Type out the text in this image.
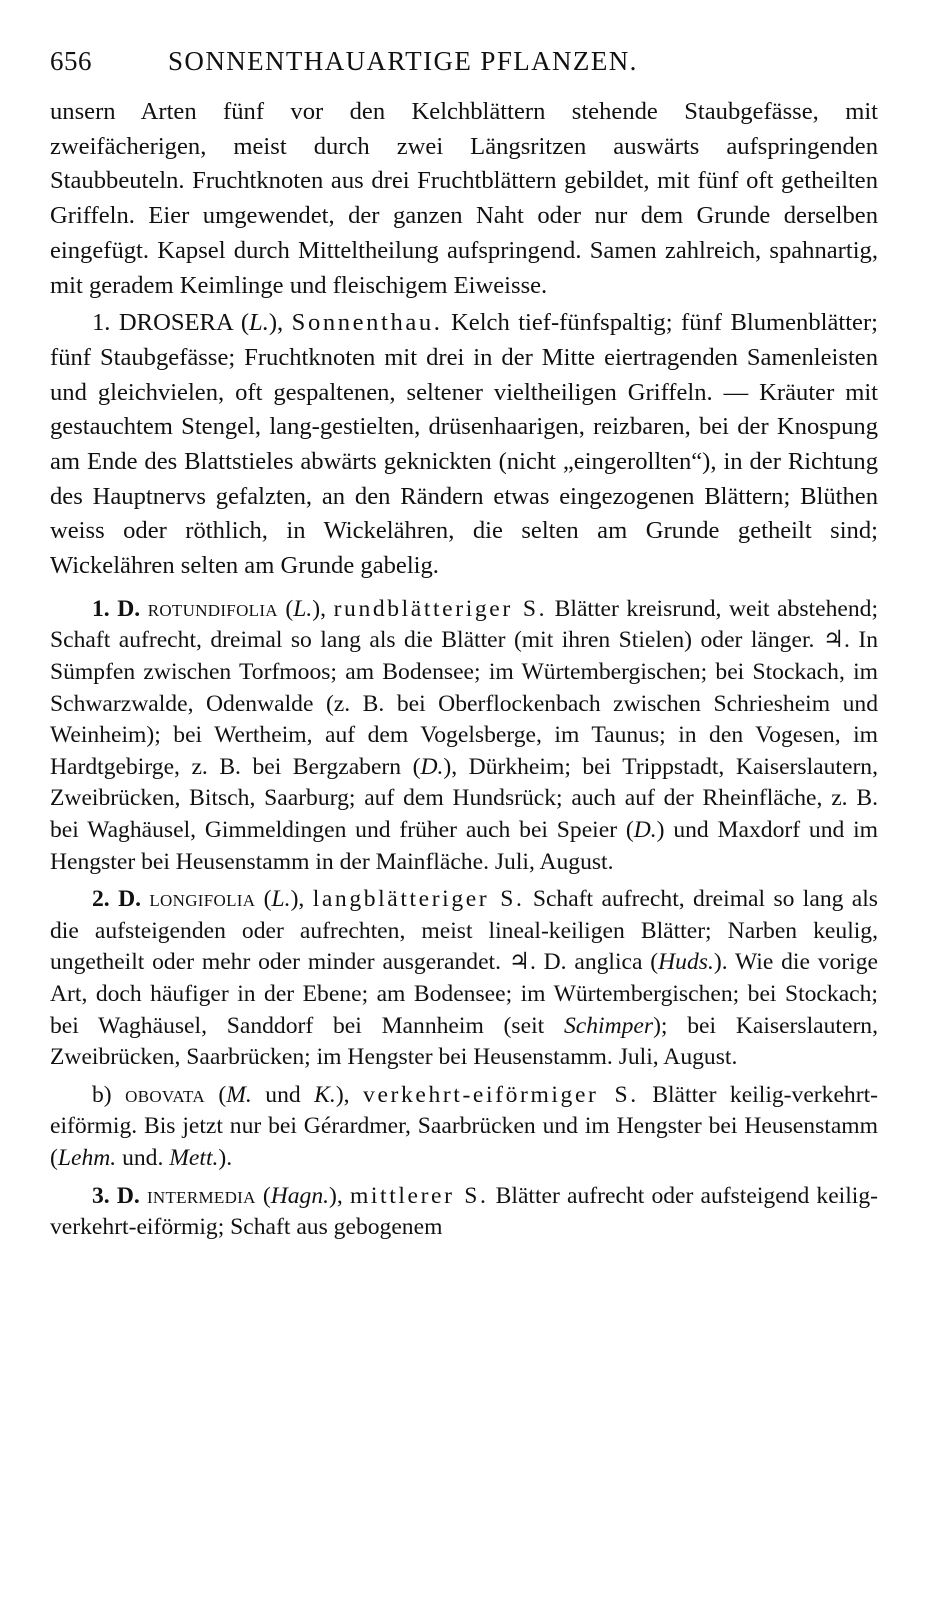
656	SONNENTHAUARTIGE PFLANZEN.

unsern Arten fünf vor den Kelchblättern stehende Staubgefässe, mit zweifächerigen, meist durch zwei Längsritzen auswärts aufspringenden Staubbeuteln. Fruchtknoten aus drei Fruchtblättern gebildet, mit fünf oft getheilten Griffeln. Eier umgewendet, der ganzen Naht oder nur dem Grunde derselben eingefügt. Kapsel durch Mitteltheilung aufspringend. Samen zahlreich, spahnartig, mit geradem Keimlinge und fleischigem Eiweisse.

1. DROSERA (L.), Sonnenthau. Kelch tief-fünfspaltig; fünf Blumenblätter; fünf Staubgefässe; Fruchtknoten mit drei in der Mitte eiertragenden Samenleisten und gleichvielen, oft gespaltenen, seltener vieltheiligen Griffeln. — Kräuter mit gestauchtem Stengel, lang-gestielten, drüsenhaarigen, reizbaren, bei der Knospung am Ende des Blattstieles abwärts geknickten (nicht „eingerollten“), in der Richtung des Hauptnervs gefalzten, an den Rändern etwas eingezogenen Blättern; Blüthen weiss oder röthlich, in Wickelähren, die selten am Grunde getheilt sind; Wickelähren selten am Grunde gabelig.

1. D. rotundifolia (L.), rundblätteriger S. Blätter kreisrund, weit abstehend; Schaft aufrecht, dreimal so lang als die Blätter (mit ihren Stielen) oder länger. ♃. In Sümpfen zwischen Torfmoos; am Bodensee; im Würtembergischen; bei Stockach, im Schwarzwalde, Odenwalde (z. B. bei Oberflockenbach zwischen Schriesheim und Weinheim); bei Wertheim, auf dem Vogelsberge, im Taunus; in den Vogesen, im Hardtgebirge, z. B. bei Bergzabern (D.), Dürkheim; bei Trippstadt, Kaiserslautern, Zweibrücken, Bitsch, Saarburg; auf dem Hundsrück; auch auf der Rheinfläche, z. B. bei Waghäusel, Gimmeldingen und früher auch bei Speier (D.) und Maxdorf und im Hengster bei Heusenstamm in der Mainfläche. Juli, August.

2. D. longifolia (L.), langblätteriger S. Schaft aufrecht, dreimal so lang als die aufsteigenden oder aufrechten, meist lineal-keiligen Blätter; Narben keulig, ungetheilt oder mehr oder minder ausgerandet. ♃. D. anglica (Huds.). Wie die vorige Art, doch häufiger in der Ebene; am Bodensee; im Würtembergischen; bei Stockach; bei Waghäusel, Sanddorf bei Mannheim (seit Schimper); bei Kaiserslautern, Zweibrücken, Saarbrücken; im Hengster bei Heusenstamm. Juli, August.

b) obovata (M. und K.), verkehrt-eiförmiger S. Blätter keilig-verkehrt-eiförmig. Bis jetzt nur bei Gérardmer, Saarbrücken und im Hengster bei Heusenstamm (Lehm. und. Mett.).

3. D. intermedia (Hagn.), mittlerer S. Blätter aufrecht oder aufsteigend keilig-verkehrt-eiförmig; Schaft aus gebogenem
